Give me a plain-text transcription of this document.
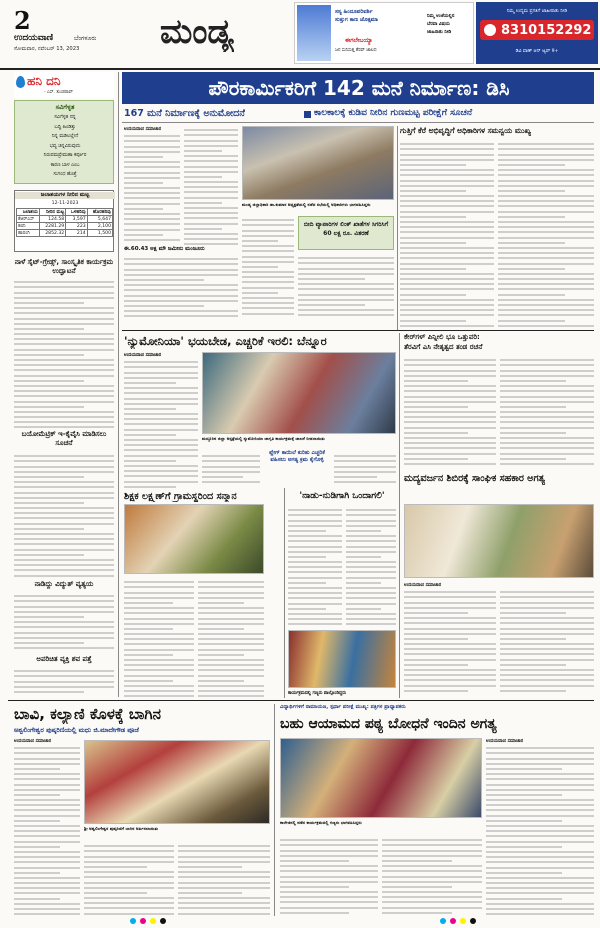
2
ಉದಯವಾಣಿ	ಬೆಂಗಳೂರು
ಸೋಮವಾರ, ನವೆಂಬರ್ 13, 2023 ಮಂಡ್ಯ	ಸಸ್ಯ ಹಿಂದೂಪರಿವರ್ಶಿ
ಸುತ್ತುಗ ಕಾಣ ಜೊತ್ಸಮಾ
ಈಗಲೇಬಯ್ಯಾ
ಜನ ಸುನಿಸುತ್ತ ತೆರವ್ ಜಾಲದ
ನಿಮ್ಮ ಉಜೆಯಲ್ಲಿನ
ಬೆರವಾ ವಿಷಯ
ಜಾಹಿರಾತು ನೀಡಿ
ನಿಮ್ಮ ಉದ್ಯಮ ಪ್ರಗತಿಗೆ ಜಾಹೀರಾತು ನೀಡಿ
8310152292
ಡಿವಿ ವಾಣ್ ಆನ್ ಆ್ಯಪ್ 9+
ಹನಿ ದನಿ
- ಎಸ್. ತುಂಡರಾವ್
ಸವಿಗೆಳ್ಳತ
ಸವಿಗೆಳ್ಳತ ನನ್ನ
ಬದ್ದಿ ಹಿಂಡಿತ್ತು
ನಿನ್ನ ಮಡಿಲಲ್ಲೇನೆ
ಭವ್ಯ ಚಿನ್ನವಿರುವುದು
ನಿರುಪಮಪ್ರೇಮಹಾ ಕರ್ಪೂರ
ಕಾರಣ ಬಾಳ ಎಂಬ
ಸುಗಂಧ ಹೊತ್ತೆ
ಜಲಾಶಯಗಳ ನೀರಿನ ಮಟ್ಟ
12-11-2023
ಜಲಾಶಯ	ನೀರಿನ ಮಟ್ಟ	ಒಳಹರಿವು	ಹೊರಹರಿವು
ಕೆಆರ್‌ಎಸ್	124.58	3,597	5,647
ಕಬಿನಿ	2281.29	223	2,100
ಹಾರಂಗಿ	2852.32	214	1,500
ನಾಳೆ ಸೈಟ್‌-ಗ್ರೇಡ್ಸ್‌, ಸಾಂಸ್ಕೃತಿಕ ಕಾರ್ಯಕ್ರಮ ಉದ್ಘಾಟನೆ
ಬಯೋಮೆಟ್ರಿಕ್ ಇ-ಕೈವೈಸಿ ಮಾಡಿಸಲು ಸೂಚನೆ
ನಾಡಿದ್ದು ವಿದ್ಯುತ್ ವ್ಯತ್ಯಯ
ಅಪರಿಚಿತ ವ್ಯಕ್ತಿ ಶವ ಪತ್ತೆ
ಪೌರಕಾರ್ಮಿಕರಿಗೆ 142 ಮನೆ ನಿರ್ಮಾಣ: ಡಿಸಿ
167 ಮನೆ ನಿರ್ಮಾಣಕ್ಕೆ ಅನುಮೋದನೆ	ಕಾಲಕಾಲಕ್ಕೆ ಕುಡಿವ ನೀರಿನ ಗುಣಮಟ್ಟ ಪರೀಕ್ಷೆಗೆ ಸೂಚನೆ
ಉದಯವಾಣಿ ಸಮಾಚಾರ
ಈ.60.43 ಅಕ್ಷ ಮೌ ಜಮೀನು ಮಂಜೂರು
ಮಂಡ್ಯ ಜಿಲ್ಲಾಧಿಕಾರಿ ಡಾ.ಕುಮಾರ ಅಧ್ಯಕ್ಷತೆಯಲ್ಲಿ ನಡೆದ ಸಭೆಯಲ್ಲಿ ಅಧಿಕಾರಿಗಳು ಭಾಗವಹಿಸಿದ್ದರು
ಬೀದಿ ವ್ಯಾಪಾರಿಗಳ ಲಿಂಕ್ ಖಾತೆಗಳ ಸಿಗರಿಸಿಗೆ 60 ಲಕ್ಷ ರೂ. ವಿತರಣೆ
ಗುತ್ತಿಗೆ ಕೆರೆ ಅಭಿವೃದ್ಧಿಗೆ ಅಧಿಕಾರಿಗಳ ಸಮನ್ವಯ ಮುಖ್ಯ
'ನ್ಯುಮೋನಿಯಾ' ಭಯಬೇಡ, ಎಚ್ಚರಿಕೆ ಇರಲಿ: ಬೆನ್ನೂರ
ಉದಯವಾಣಿ ಸಮಾಚಾರ
ಮದ್ದೂರಿನ ಜಿಲ್ಲಾ ಆಸ್ಪತ್ರೆಯಲ್ಲಿ ನ್ಯುಮೋನಿಯಾ ಜಾಗೃತಿ ಕಾರ್ಯಕ್ರಮಕ್ಕೆ ಚಾಲನೆ ನೀಡಲಾಯಿತು
ಪ್ಲೇಗ್ ಕಾಯಿಲೆ ಕುರಿತು ಎಚ್ಚರಿಕೆ ವಹಿಸಲು ಅಗತ್ಯ ಕ್ರಮ ಕೈಗೊಳ್ಳಿ
ಶಿಕ್ಷಕ ಲಕ್ಷ್ಮಣ್‌ಗೆ ಗ್ರಾಮಸ್ಥರಿಂದ ಸನ್ಮಾನ	'ನಾಡು-ನುಡಿಗಾಗಿ ಒಂದಾಗಲಿ'
ಕಾರ್ಯಕ್ರಮದಲ್ಲಿ ಗಣ್ಯರು ಪಾಲ್ಗೊಂಡಿದ್ದರು
ಕೇರ್‌ಗಳ್ ಪಿನ್ನೀಲಿ ಭೂ ಒತ್ತುವರಿ:
ತೆರವಿಗೆ ಎಸಿ ನೇತೃತ್ವದ ತಂಡ ರಚನೆ
ಮದ್ಯವರ್ಜನ ಶಿಬಿರಕ್ಕೆ ಸಾಂಘಿಕ ಸಹಕಾರ ಅಗತ್ಯ
ಉದಯವಾಣಿ ಸಮಾಚಾರ
ಬಾವಿ, ಕಲ್ಯಾಣಿ ಕೊಳಕ್ಕೆ ಬಾಗಿನ
ಅಶ್ವಲಿಂಗೇಶ್ವರ ಪುಷ್ಕರಿಣಿಯಲ್ಲಿ ಮಧು ಜಿ.ಮಾದೇಗೌಡ ಪೂಜೆ
ಉದಯವಾಣಿ ಸಮಾಚಾರ
ಶ್ರೀ ಅಶ್ವಲಿಂಗೇಶ್ವರ ಪುಷ್ಕರಿಣಿಗೆ ಬಾಗಿನ ಅರ್ಪಿಸಲಾಯಿತು
ವಿದ್ಯಾರ್ಥಿಗಳಿಗೆ ರಾಮಾಯಣ, ಸ್ಪರ್ಧಾ ಪರೀಕ್ಷೆ ಮುಖ್ಯ: ಪತ್ರಿಗಳ ಪ್ರಾಧ್ಯಾಪಕರು
ಬಹು ಆಯಾಮದ ಪಠ್ಯ ಬೋಧನೆ ಇಂದಿನ ಅಗತ್ಯ
ಕಾಲೇಜಿನಲ್ಲಿ ನಡೆದ ಕಾರ್ಯಕ್ರಮದಲ್ಲಿ ಗಣ್ಯರು ಭಾಗವಹಿಸಿದ್ದರು
ಉದಯವಾಣಿ ಸಮಾಚಾರ
